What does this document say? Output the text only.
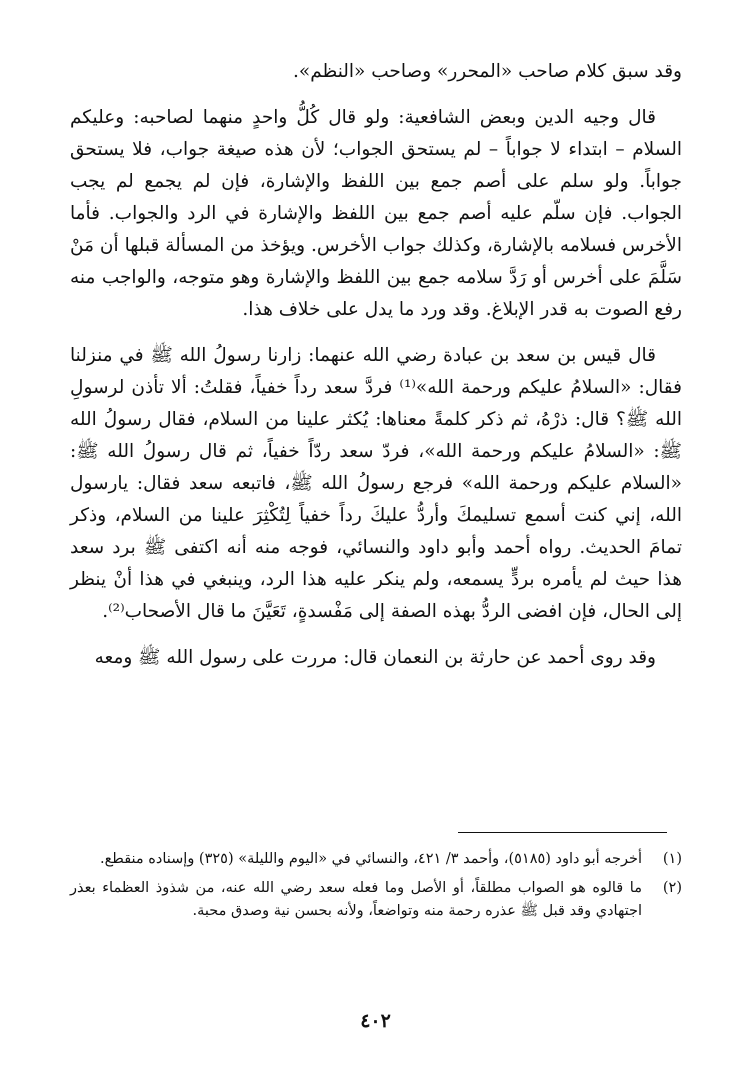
وقد سبق كلام صاحب «المحرر» وصاحب «النظم».

قال وجيه الدين وبعض الشافعية: ولو قال كُلُّ واحدٍ منهما لصاحبه: وعليكم السلام – ابتداء لا جواباً – لم يستحق الجواب؛ لأن هذه صيغة جواب، فلا يستحق جواباً. ولو سلم على أصم جمع بين اللفظ والإشارة، فإن لم يجمع لم يجب الجواب. فإن سلّم عليه أصم جمع بين اللفظ والإشارة في الرد والجواب. فأما الأخرس فسلامه بالإشارة، وكذلك جواب الأخرس. ويؤخذ من المسألة قبلها أن مَنْ سَلَّمَ على أخرس أو رَدَّ سلامه جمع بين اللفظ والإشارة وهو متوجه، والواجب منه رفع الصوت به قدر الإبلاغ. وقد ورد ما يدل على خلاف هذا.

قال قيس بن سعد بن عبادة رضي الله عنهما: زارنا رسولُ الله ﷺ في منزلنا فقال: «السلامُ عليكم ورحمة الله»⁽¹⁾ فردَّ سعد رداً خفياً، فقلتُ: ألا تأذن لرسولِ الله ﷺ؟ قال: ذرْهُ، ثم ذكر كلمةً معناها: يُكثر علينا من السلام، فقال رسولُ الله ﷺ: «السلامُ عليكم ورحمة الله»، فردّ سعد ردّاً خفياً، ثم قال رسولُ الله ﷺ: «السلام عليكم ورحمة الله» فرجع رسولُ الله ﷺ، فاتبعه سعد فقال: يارسول الله، إني كنت أسمع تسليمكَ وأردُّ عليكَ رداً خفياً لِتُكْثِرَ علينا من السلام، وذكر تمامَ الحديث. رواه أحمد وأبو داود والنسائي، فوجه منه أنه اكتفى ﷺ برد سعد هذا حيث لم يأمره بردٍّ يسمعه، ولم ينكر عليه هذا الرد، وينبغي في هذا أنْ ينظر إلى الحال، فإن افضى الردُّ بهذه الصفة إلى مَفْسدةٍ، تَعَيَّنَ ما قال الأصحاب⁽²⁾.

وقد روى أحمد عن حارثة بن النعمان قال: مررت على رسول الله ﷺ ومعه

(١)
أخرجه أبو داود (٥١٨٥)، وأحمد ٣/ ٤٢١، والنسائي في «اليوم والليلة» (٣٢٥) وإسناده منقطع.
(٢)
ما قالوه هو الصواب مطلقاً، أو الأصل وما فعله سعد رضي الله عنه، من شذوذ العظماء بعذر اجتهادي وقد قبل ﷺ عذره رحمة منه وتواضعاً، ولأنه بحسن نية وصدق محبة.
٤٠٢
